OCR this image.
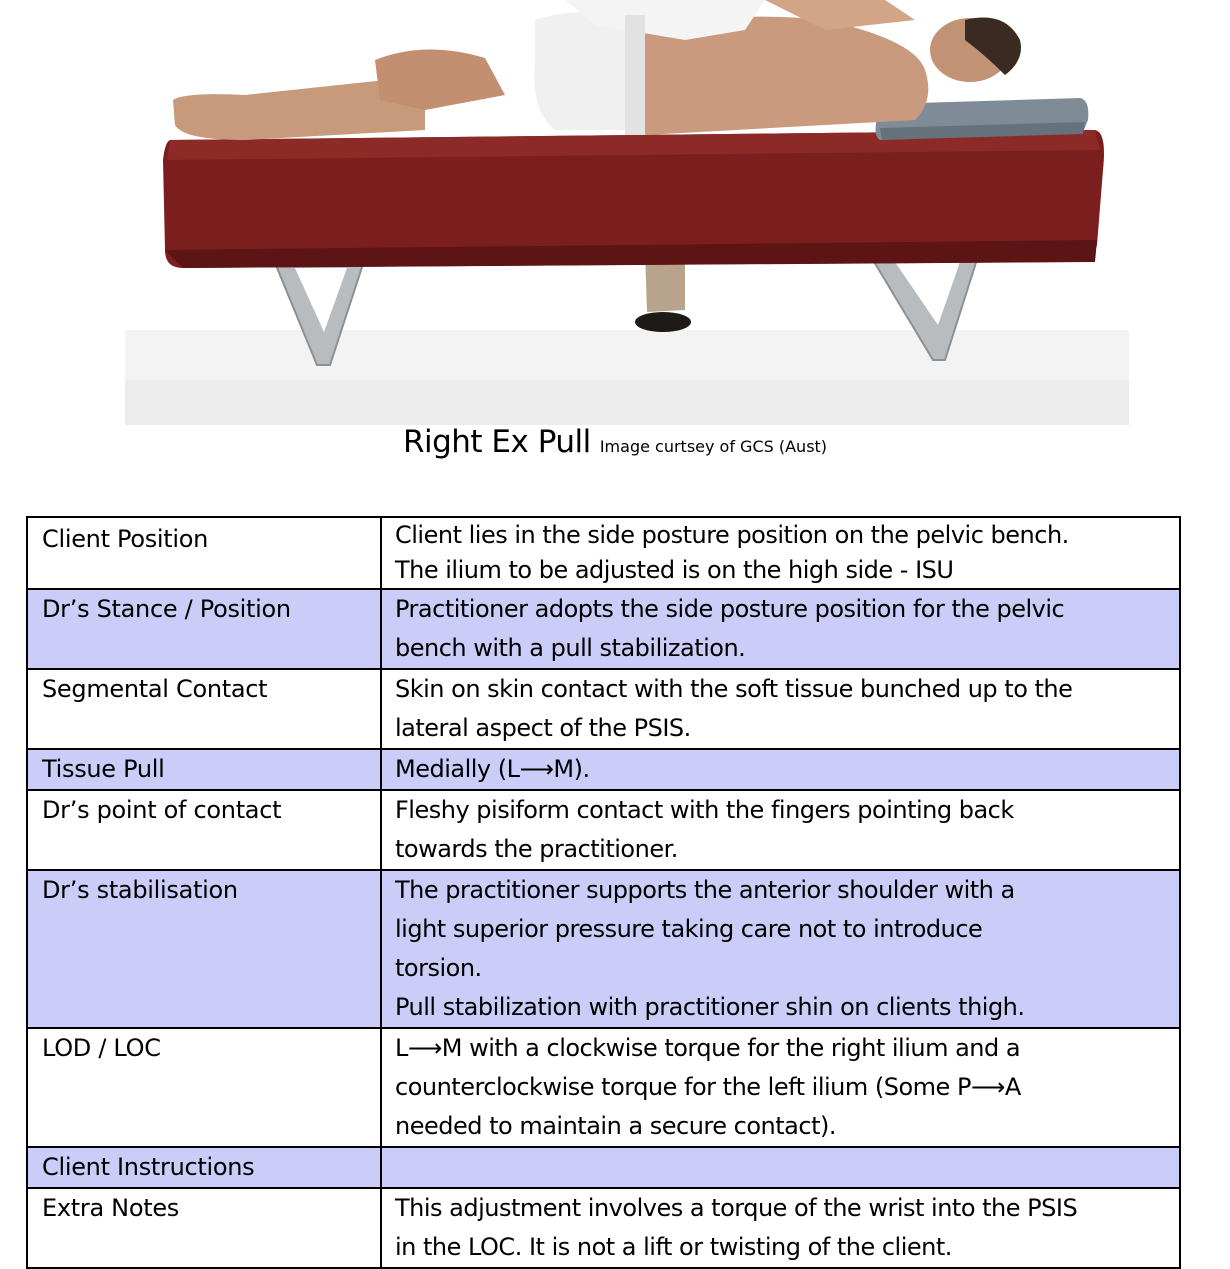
Right Ex Pull Image curtsey of GCS (Aust)
Client Position	Client lies in the side posture position on the pelvic bench.
The ilium to be adjusted is on the high side - ISU

Dr’s Stance / Position	Practitioner adopts the side posture position for the pelvic
bench with a pull stabilization.

Segmental Contact	Skin on skin contact with the soft tissue bunched up to the
lateral aspect of the PSIS.

Tissue Pull	Medially (L⟶M).

Dr’s point of contact	Fleshy pisiform contact with the fingers pointing back
towards the practitioner.

Dr’s stabilisation	The practitioner supports the anterior shoulder with a
light superior pressure taking care not to introduce
torsion.
Pull stabilization with practitioner shin on clients thigh.

LOD / LOC	L⟶M with a clockwise torque for the right ilium and a
counterclockwise torque for the left ilium (Some P⟶A
needed to maintain a secure contact).

Client Instructions	
Extra Notes	This adjustment involves a torque of the wrist into the PSIS
in the LOC. It is not a lift or twisting of the client.
